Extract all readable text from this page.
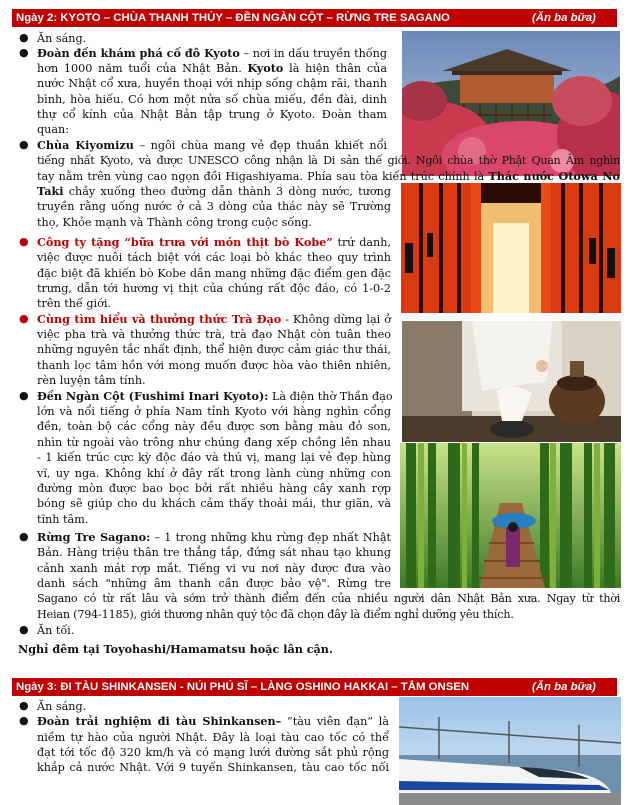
Ngày 2: KYOTO – CHÙA THANH THỦY – ĐỀN NGÀN CỘT – RỪNG TRE SAGANO	(Ăn ba bữa)
● Ăn sáng.
● Đoàn đến khám phá cố đô Kyoto – nơi in dấu truyền thống
hơn 1000 năm tuổi của Nhật Bản. Kyoto là hiện thân của
nước Nhật cổ xưa, huyền thoại với nhịp sống chậm rãi, thanh
bình, hòa hiếu. Có hơn một nửa số chùa miếu, đền đài, dinh
thự cổ kính của Nhật Bản tập trung ở Kyoto. Đoàn tham
quan:
● Chùa Kiyomizu – ngôi chùa mang vẻ đẹp thuần khiết nổi
tiếng nhất Kyoto, và được UNESCO công nhận là Di sản thế giới. Ngôi chùa thờ Phật Quan Âm nghìn
tay nằm trên vùng cao ngọn đồi Higashiyama. Phía sau tòa kiến trúc chính là Thác nước Otowa No
Taki chảy xuống theo đường dẫn thành 3 dòng nước, tương
truyền rằng uống nước ở cả 3 dòng của thác này sẽ Trường
thọ, Khỏe mạnh và Thành công trong cuộc sống.
● Công ty tặng “bữa trưa với món thịt bò Kobe” trứ danh,
việc được nuôi tách biệt với các loại bò khác theo quy trình
đặc biệt đã khiến bò Kobe dần mang những đặc điểm gen đặc
trưng, dẫn tới hương vị thịt của chúng rất độc đáo, có 1-0-2
trên thế giới.
● Cùng tìm hiểu và thưởng thức Trà Đạo - Không dừng lại ở
việc pha trà và thưởng thức trà, trà đạo Nhật còn tuân theo
những nguyên tắc nhất định, thể hiện được cảm giác thư thái,
thanh lọc tâm hồn với mong muốn được hòa vào thiên nhiên,
rèn luyện tâm tính.
● Đền Ngàn Cột (Fushimi Inari Kyoto): Là điện thờ Thần đạo
lớn và nổi tiếng ở phía Nam tỉnh Kyoto với hàng nghìn cổng
đền, toàn bộ các cổng này đều được sơn bằng màu đỏ son,
nhìn từ ngoài vào trông như chúng đang xếp chồng lên nhau
- 1 kiến trúc cực kỳ độc đáo và thú vị, mang lại vẻ đẹp hùng
vĩ, uy nga. Không khí ở đây rất trong lành cùng những con
đường mòn được bao bọc bởi rất nhiều hàng cây xanh rợp
bóng sẽ giúp cho du khách cảm thấy thoải mái, thư giãn, và
tĩnh tâm.
● Rừng Tre Sagano: – 1 trong những khu rừng đẹp nhất Nhật
Bản. Hàng triệu thân tre thẳng tắp, đứng sát nhau tạo khung
cảnh xanh mát rợp mắt. Tiếng vi vu nơi này được đưa vào
danh sách "những âm thanh cần được bảo vệ". Rừng tre
Sagano có từ rất lâu và sớm trở thành điểm đến của nhiều người dân Nhật Bản xưa. Ngay từ thời
Heian (794-1185), giới thương nhân quý tộc đã chọn đây là điểm nghỉ dưỡng yêu thích.
● Ăn tối.
Nghỉ đêm tại Toyohashi/Hamamatsu hoặc lân cận.
Ngày 3: ĐI TÀU SHINKANSEN - NÚI PHÚ SĨ – LÀNG OSHINO HAKKAI – TẮM ONSEN	(Ăn ba bữa)
● Ăn sáng.
● Đoàn trải nghiệm đi tàu Shinkansen– “tàu viên đạn” là
niềm tự hào của người Nhật. Đây là loại tàu cao tốc có thể
đạt tới tốc độ 320 km/h và có mạng lưới đường sắt phủ rộng
khắp cả nước Nhật. Với 9 tuyến Shinkansen, tàu cao tốc nối
